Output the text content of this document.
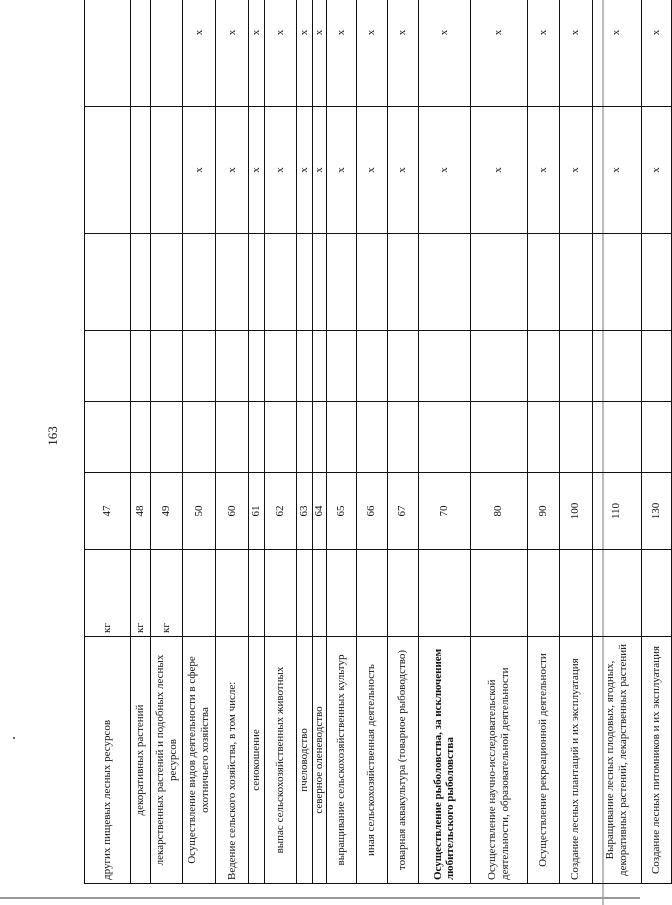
163
других пищевых лесных ресурсов	кг	47					
декоративных растений	кг	48					
лекарственных растений и подобных лесных ресурсов	кг	49					
Осуществление видов деятельности в сфере охотничьего хозяйства		50				х	х
Ведение сельского хозяйства, в том числе:		60				х	х
сенокошение		61				х	х
выпас сельскохозяйственных животных		62				х	х
пчеловодство		63				х	х
северное оленеводство		64				х	х
выращивание сельскохозяйственных культур		65				х	х
иная сельскохозяйственная деятельность		66				х	х
товарная аквакультура (товарное рыбоводство)		67				х	х
Осуществление рыболовства, за исключением любительского рыболовства		70				х	х
Осуществление научно-исследовательской деятельности, образовательной деятельности		80				х	х
Осуществление рекреационной деятельности		90				х	х
Создание лесных плантаций и их эксплуатация		100				х	х
Выращивание лесных плодовых, ягодных, декоративных растений, лекарственных растений		110				х	х
Создание лесных питомников и их эксплуатация		130				х	х
